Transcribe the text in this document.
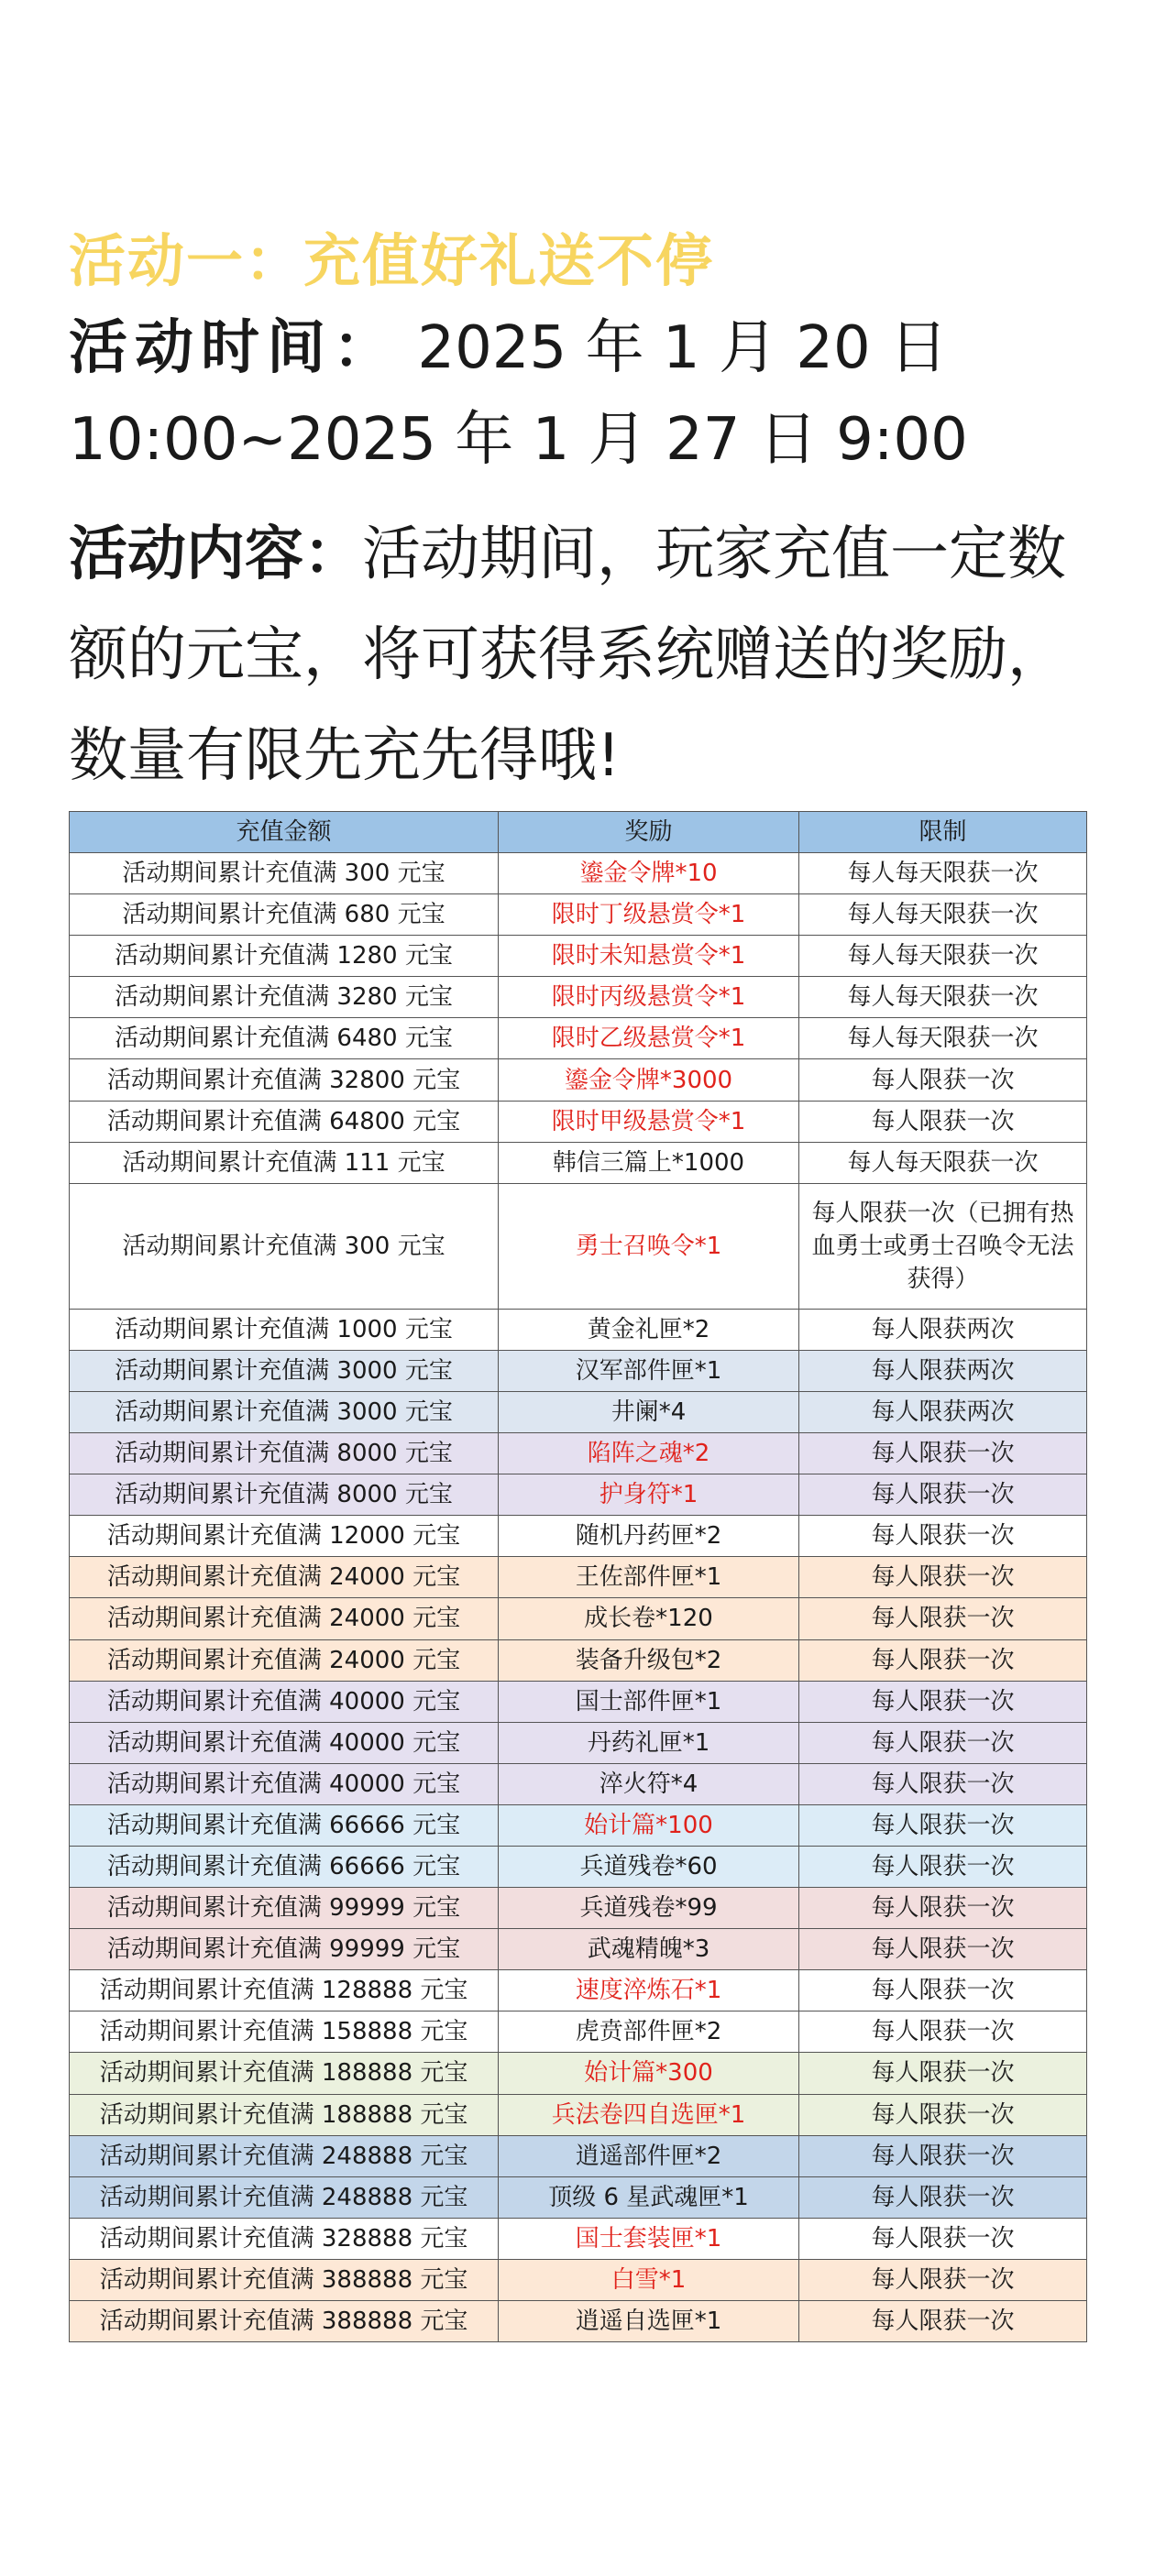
活动一：充值好礼送不停
活动时间： 2025 年 1 月 20 日
10:00~2025 年 1 月 27 日 9:00
活动内容：活动期间，玩家充值一定数额的元宝，将可获得系统赠送的奖励，数量有限先充先得哦!
充值金额	奖励	限制
活动期间累计充值满 300 元宝	鎏金令牌*10	每人每天限获一次
活动期间累计充值满 680 元宝	限时丁级悬赏令*1	每人每天限获一次
活动期间累计充值满 1280 元宝	限时未知悬赏令*1	每人每天限获一次
活动期间累计充值满 3280 元宝	限时丙级悬赏令*1	每人每天限获一次
活动期间累计充值满 6480 元宝	限时乙级悬赏令*1	每人每天限获一次
活动期间累计充值满 32800 元宝	鎏金令牌*3000	每人限获一次
活动期间累计充值满 64800 元宝	限时甲级悬赏令*1	每人限获一次
活动期间累计充值满 111 元宝	韩信三篇上*1000	每人每天限获一次
活动期间累计充值满 300 元宝	勇士召唤令*1	每人限获一次（已拥有热血勇士或勇士召唤令无法获得）
活动期间累计充值满 1000 元宝	黄金礼匣*2	每人限获两次
活动期间累计充值满 3000 元宝	汉军部件匣*1	每人限获两次
活动期间累计充值满 3000 元宝	井阑*4	每人限获两次
活动期间累计充值满 8000 元宝	陷阵之魂*2	每人限获一次
活动期间累计充值满 8000 元宝	护身符*1	每人限获一次
活动期间累计充值满 12000 元宝	随机丹药匣*2	每人限获一次
活动期间累计充值满 24000 元宝	王佐部件匣*1	每人限获一次
活动期间累计充值满 24000 元宝	成长卷*120	每人限获一次
活动期间累计充值满 24000 元宝	装备升级包*2	每人限获一次
活动期间累计充值满 40000 元宝	国士部件匣*1	每人限获一次
活动期间累计充值满 40000 元宝	丹药礼匣*1	每人限获一次
活动期间累计充值满 40000 元宝	淬火符*4	每人限获一次
活动期间累计充值满 66666 元宝	始计篇*100	每人限获一次
活动期间累计充值满 66666 元宝	兵道残卷*60	每人限获一次
活动期间累计充值满 99999 元宝	兵道残卷*99	每人限获一次
活动期间累计充值满 99999 元宝	武魂精魄*3	每人限获一次
活动期间累计充值满 128888 元宝	速度淬炼石*1	每人限获一次
活动期间累计充值满 158888 元宝	虎贲部件匣*2	每人限获一次
活动期间累计充值满 188888 元宝	始计篇*300	每人限获一次
活动期间累计充值满 188888 元宝	兵法卷四自选匣*1	每人限获一次
活动期间累计充值满 248888 元宝	逍遥部件匣*2	每人限获一次
活动期间累计充值满 248888 元宝	顶级 6 星武魂匣*1	每人限获一次
活动期间累计充值满 328888 元宝	国士套装匣*1	每人限获一次
活动期间累计充值满 388888 元宝	白雪*1	每人限获一次
活动期间累计充值满 388888 元宝	逍遥自选匣*1	每人限获一次
